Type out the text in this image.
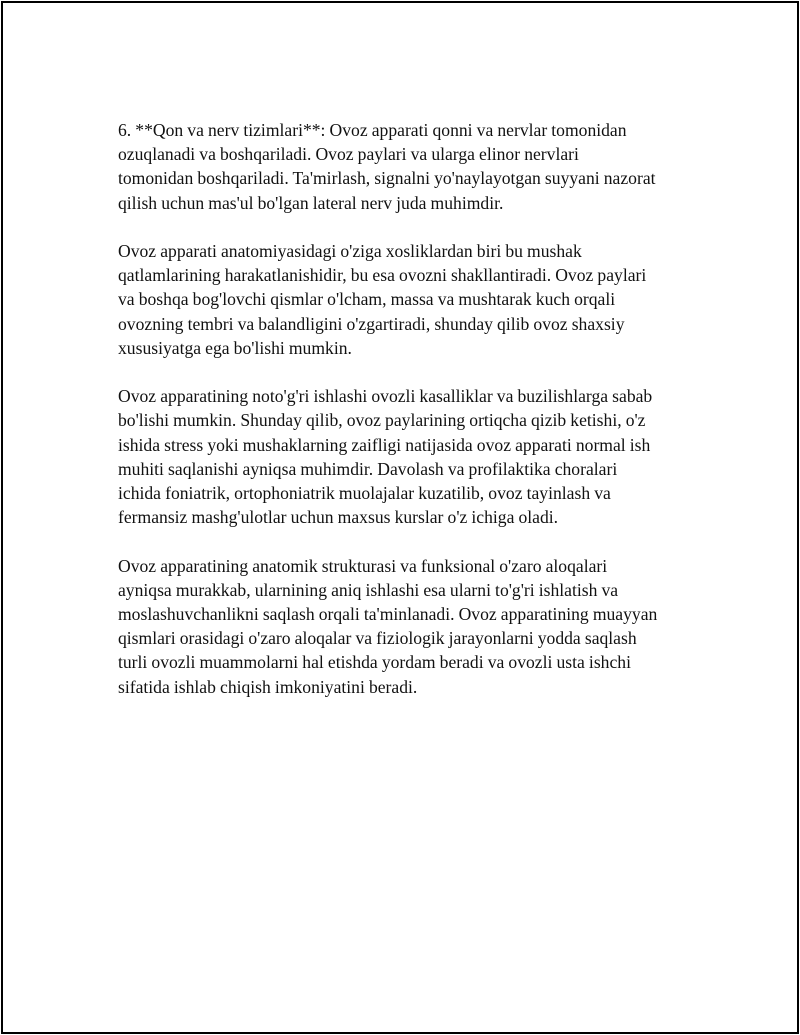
6. **Qon va nerv tizimlari**: Ovoz apparati qonni va nervlar tomonidan
ozuqlanadi va boshqariladi. Ovoz paylari va ularga elinor nervlari
tomonidan boshqariladi. Ta'mirlash, signalni yo'naylayotgan suyyani nazorat
qilish uchun mas'ul bo'lgan lateral nerv juda muhimdir.

Ovoz apparati anatomiyasidagi o'ziga xosliklardan biri bu mushak
qatlamlarining harakatlanishidir, bu esa ovozni shakllantiradi. Ovoz paylari
va boshqa bog'lovchi qismlar o'lcham, massa va mushtarak kuch orqali
ovozning tembri va balandligini o'zgartiradi, shunday qilib ovoz shaxsiy
xususiyatga ega bo'lishi mumkin.

Ovoz apparatining noto'g'ri ishlashi ovozli kasalliklar va buzilishlarga sabab
bo'lishi mumkin. Shunday qilib, ovoz paylarining ortiqcha qizib ketishi, o'z
ishida stress yoki mushaklarning zaifligi natijasida ovoz apparati normal ish
muhiti saqlanishi ayniqsa muhimdir. Davolash va profilaktika choralari
ichida foniatrik, ortophoniatrik muolajalar kuzatilib, ovoz tayinlash va
fermansiz mashg'ulotlar uchun maxsus kurslar o'z ichiga oladi.

Ovoz apparatining anatomik strukturasi va funksional o'zaro aloqalari
ayniqsa murakkab, ularnining aniq ishlashi esa ularni to'g'ri ishlatish va
moslashuvchanlikni saqlash orqali ta'minlanadi. Ovoz apparatining muayyan
qismlari orasidagi o'zaro aloqalar va fiziologik jarayonlarni yodda saqlash
turli ovozli muammolarni hal etishda yordam beradi va ovozli usta ishchi
sifatida ishlab chiqish imkoniyatini beradi.
